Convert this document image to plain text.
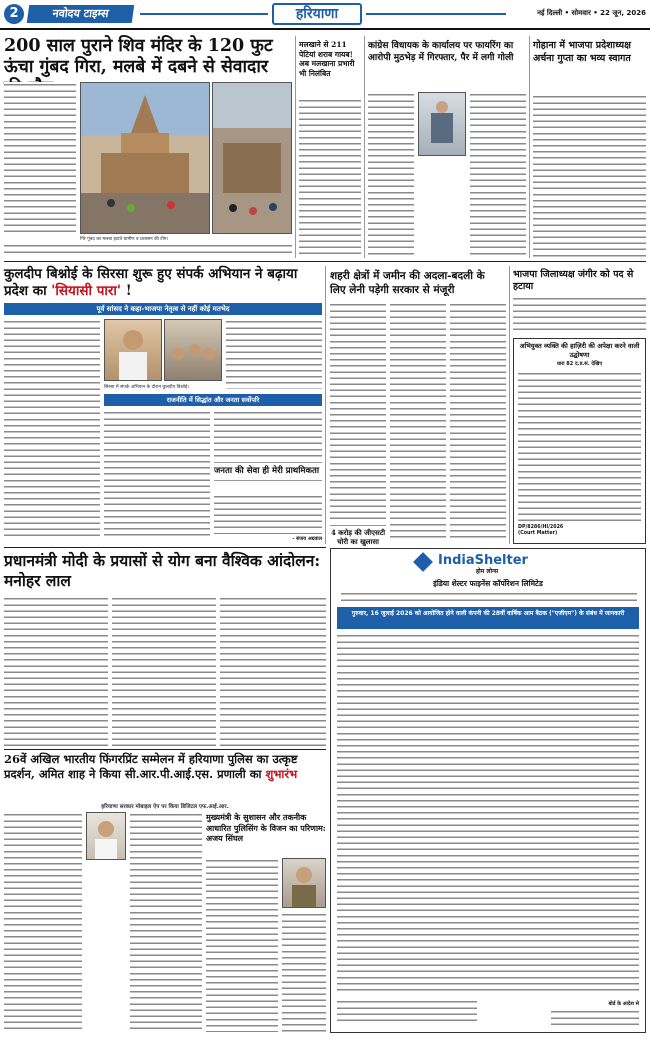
2	नवोदय टाइम्स	हरियाणा	नई दिल्ली • सोमवार • 22 जून, 2026
200 साल पुराने शिव मंदिर के 120 फुट ऊंचा गुंबद गिरा, मलबे में दबने से सेवादार
गिरे गुंबद का मलबा हटाते ग्रामीण व प्रशासन की टीम।
मलखाने से 211 पेटियां शराब गायब! अब मलखाना प्रभारी भी निलंबित
कांग्रेस विधायक के कार्यालय पर फायरिंग का आरोपी मुठभेड़ में गिरफ्तार, पैर में लगी गोली
गोहाना में भाजपा प्रदेशाध्यक्ष अर्चना गुप्ता का भव्य स्वागत
कुलदीप बिश्नोई के सिरसा शुरू हुए संपर्क अभियान ने बढ़ाया प्रदेश का 'सियासी पारा' !
पूर्व सांसद ने कहा-भाजपा नेतृत्व से नहीं कोई मतभेद
सिरसा में संपर्क अभियान के दौरान कुलदीप बिश्नोई।
राजनीति में सिद्धांत और जनता सर्वोपरि
जनता की सेवा ही मेरी प्राथमिकता
- संजय अग्रवाल
शहरी क्षेत्रों में जमीन की अदला-बदली के लिए लेनी पड़ेगी सरकार से मंजूरी
4 करोड़ की जीएसटी चोरी का खुलासा
भाजपा जिलाध्यक्ष जंगीर को पद से हटाया
अभियुक्त व्यक्ति की हाज़िरी की अपेक्षा करने वाली उद्घोषणा
धारा 82 द.प्र.सं. देखिए
DP/8286/HI/2026 (Court Matter)
IndiaShelter
होम लोन्स
इंडिया शेल्टर फाइनेंस कॉर्पोरेशन लिमिटेड
गुरुवार, 16 जुलाई 2026 को आयोजित होने वाली कंपनी की 28वीं वार्षिक आम बैठक ("एजीएम") के संबंध में जानकारी
बोर्ड के आदेश से
प्रधानमंत्री मोदी के प्रयासों से योग बना वैश्विक आंदोलन: मनोहर लाल
26वें अखिल भारतीय फिंगरप्रिंट सम्मेलन में हरियाणा पुलिस का उत्कृष्ट प्रदर्शन, अमित शाह ने किया सी.आर.पी.आई.एस. प्रणाली का शुभारंभ
हरियाणा सरकार मोबाइल ऐप पर किया डिजिटल एफ.आई.आर.
मुख्यमंत्री के सुशासन और तकनीक आधारित पुलिसिंग के विजन का परिणाम: अजय सिंघल
